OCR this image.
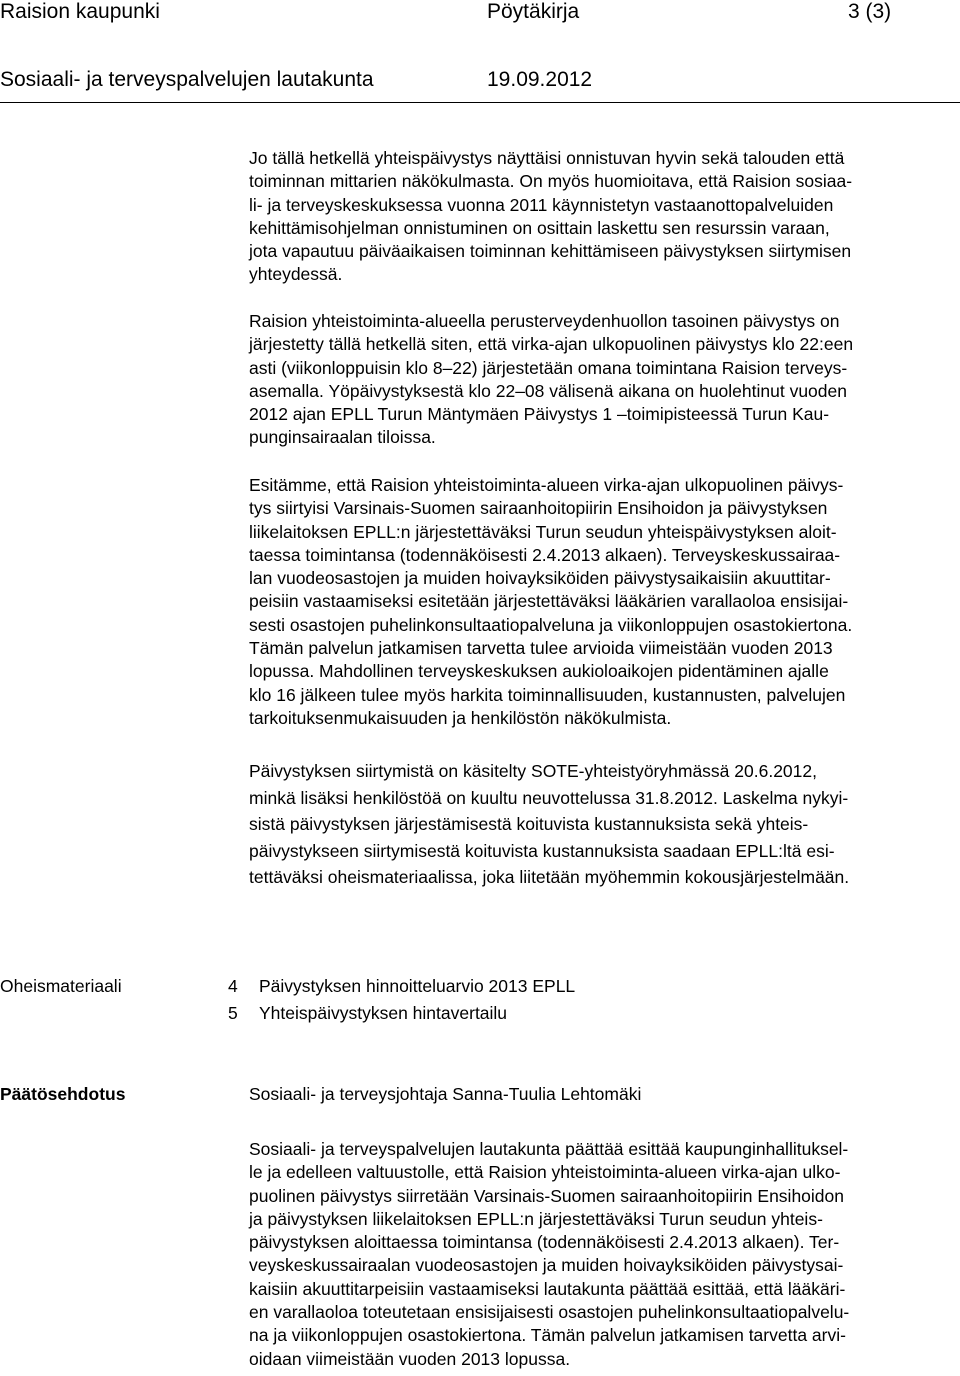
Raision kaupunki	Pöytäkirja	3 (3)
Sosiaali- ja terveyspalvelujen lautakunta	19.09.2012

Jo tällä hetkellä yhteispäivystys näyttäisi onnistuvan hyvin sekä talouden että

toiminnan mittarien näkökulmasta. On myös huomioitava, että Raision sosiaa-

li- ja terveyskeskuksessa vuonna 2011 käynnistetyn vastaanottopalveluiden

kehittämisohjelman onnistuminen on osittain laskettu sen resurssin varaan,

jota vapautuu päiväaikaisen toiminnan kehittämiseen päivystyksen siirtymisen

yhteydessä.

Raision yhteistoiminta-alueella perusterveydenhuollon tasoinen päivystys on

järjestetty tällä hetkellä siten, että virka-ajan ulkopuolinen päivystys klo 22:een

asti (viikonloppuisin klo 8–22) järjestetään omana toimintana Raision terveys-

asemalla. Yöpäivystyksestä klo 22–08 välisenä aikana on huolehtinut vuoden

2012 ajan EPLL Turun Mäntymäen Päivystys 1 –toimipisteessä Turun Kau-

punginsairaalan tiloissa.

Esitämme, että Raision yhteistoiminta-alueen virka-ajan ulkopuolinen päivys-

tys siirtyisi Varsinais-Suomen sairaanhoitopiirin Ensihoidon ja päivystyksen

liikelaitoksen EPLL:n järjestettäväksi Turun seudun yhteispäivystyksen aloit-

taessa toimintansa (todennäköisesti 2.4.2013 alkaen). Terveyskeskussairaa-

lan vuodeosastojen ja muiden hoivayksiköiden päivystysaikaisiin akuuttitar-

peisiin vastaamiseksi esitetään järjestettäväksi lääkärien varallaoloa ensisijai-

sesti osastojen puhelinkonsultaatiopalveluna ja viikonloppujen osastokiertona.

Tämän palvelun jatkamisen tarvetta tulee arvioida viimeistään vuoden 2013

lopussa. Mahdollinen terveyskeskuksen aukioloaikojen pidentäminen ajalle

klo 16 jälkeen tulee myös harkita toiminnallisuuden, kustannusten, palvelujen

tarkoituksenmukaisuuden ja henkilöstön näkökulmista.

Päivystyksen siirtymistä on käsitelty SOTE-yhteistyöryhmässä 20.6.2012,

minkä lisäksi henkilöstöä on kuultu neuvottelussa 31.8.2012. Laskelma nykyi-

sistä päivystyksen järjestämisestä koituvista kustannuksista sekä yhteis-

päivystykseen siirtymisestä koituvista kustannuksista saadaan EPLL:ltä esi-

tettäväksi oheismateriaalissa, joka liitetään myöhemmin kokousjärjestelmään.

Oheismateriaali	4 Päivystyksen hinnoitteluarvio 2013 EPLL
5 Yhteispäivystyksen hintavertailu
Päätösehdotus	Sosiaali- ja terveysjohtaja Sanna-Tuulia Lehtomäki

Sosiaali- ja terveyspalvelujen lautakunta päättää esittää kaupunginhallituksel-

le ja edelleen valtuustolle, että Raision yhteistoiminta-alueen virka-ajan ulko-

puolinen päivystys siirretään Varsinais-Suomen sairaanhoitopiirin Ensihoidon

ja päivystyksen liikelaitoksen EPLL:n järjestettäväksi Turun seudun yhteis-

päivystyksen aloittaessa toimintansa (todennäköisesti 2.4.2013 alkaen). Ter-

veyskeskussairaalan vuodeosastojen ja muiden hoivayksiköiden päivystysai-

kaisiin akuuttitarpeisiin vastaamiseksi lautakunta päättää esittää, että lääkäri-

en varallaoloa toteutetaan ensisijaisesti osastojen puhelinkonsultaatiopalvelu-

na ja viikonloppujen osastokiertona. Tämän palvelun jatkamisen tarvetta arvi-

oidaan viimeistään vuoden 2013 lopussa.
